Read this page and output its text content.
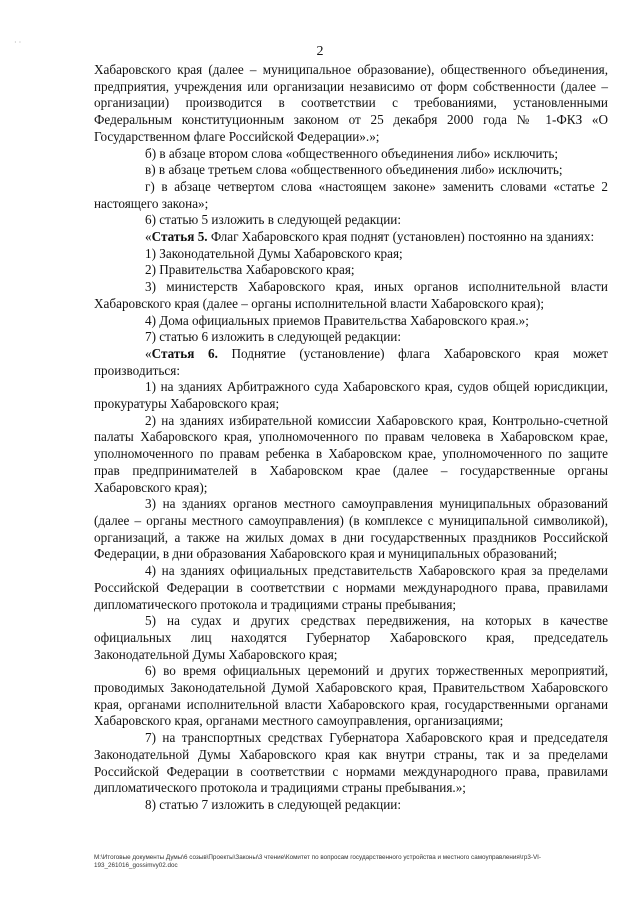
· ·
2

Хабаровского края (далее – муниципальное образование), общественного объединения, предприятия, учреждения или организации независимо от форм собственности (далее – организации) производится в соответствии с требованиями, установленными Федеральным конституционным законом от 25 декабря 2000 года № 1-ФКЗ «О Государственном флаге Российской Федерации».»;

б) в абзаце втором слова «общественного объединения либо» исключить;

в) в абзаце третьем слова «общественного объединения либо» исключить;

г) в абзаце четвертом слова «настоящем законе» заменить словами «статье 2 настоящего закона»;

6) статью 5 изложить в следующей редакции:

«Статья 5. Флаг Хабаровского края поднят (установлен) постоянно на зданиях:

1) Законодательной Думы Хабаровского края;

2) Правительства Хабаровского края;

3) министерств Хабаровского края, иных органов исполнительной власти Хабаровского края (далее – органы исполнительной власти Хабаровского края);

4) Дома официальных приемов Правительства Хабаровского края.»;

7) статью 6 изложить в следующей редакции:

«Статья 6. Поднятие (установление) флага Хабаровского края может производиться:

1) на зданиях Арбитражного суда Хабаровского края, судов общей юрисдикции, прокуратуры Хабаровского края;

2) на зданиях избирательной комиссии Хабаровского края, Контрольно-счетной палаты Хабаровского края, уполномоченного по правам человека в Хабаровском крае, уполномоченного по правам ребенка в Хабаровском крае, уполномоченного по защите прав предпринимателей в Хабаровском крае (далее – государственные органы Хабаровского края);

3) на зданиях органов местного самоуправления муниципальных образований (далее – органы местного самоуправления) (в комплексе с муниципальной символикой), организаций, а также на жилых домах в дни государственных праздников Российской Федерации, в дни образования Хабаровского края и муниципальных образований;

4) на зданиях официальных представительств Хабаровского края за пределами Российской Федерации в соответствии с нормами международного права, правилами дипломатического протокола и традициями страны пребывания;

5) на судах и других средствах передвижения, на которых в качестве официальных лиц находятся Губернатор Хабаровского края, председатель Законодательной Думы Хабаровского края;

6) во время официальных церемоний и других торжественных мероприятий, проводимых Законодательной Думой Хабаровского края, Правительством Хабаровского края, органами исполнительной власти Хабаровского края, государственными органами Хабаровского края, органами местного самоуправления, организациями;

7) на транспортных средствах Губернатора Хабаровского края и председателя Законодательной Думы Хабаровского края как внутри страны, так и за пределами Российской Федерации в соответствии с нормами международного права, правилами дипломатического протокола и традициями страны пребывания.»;

8) статью 7 изложить в следующей редакции:

M:\Итоговые документы Думы\6 созыв\Проекты\Законы\3 чтение\Комитет по вопросам государственного устройства и местного самоуправления\гр3-VI-193_261016_gossimvy02.doc
